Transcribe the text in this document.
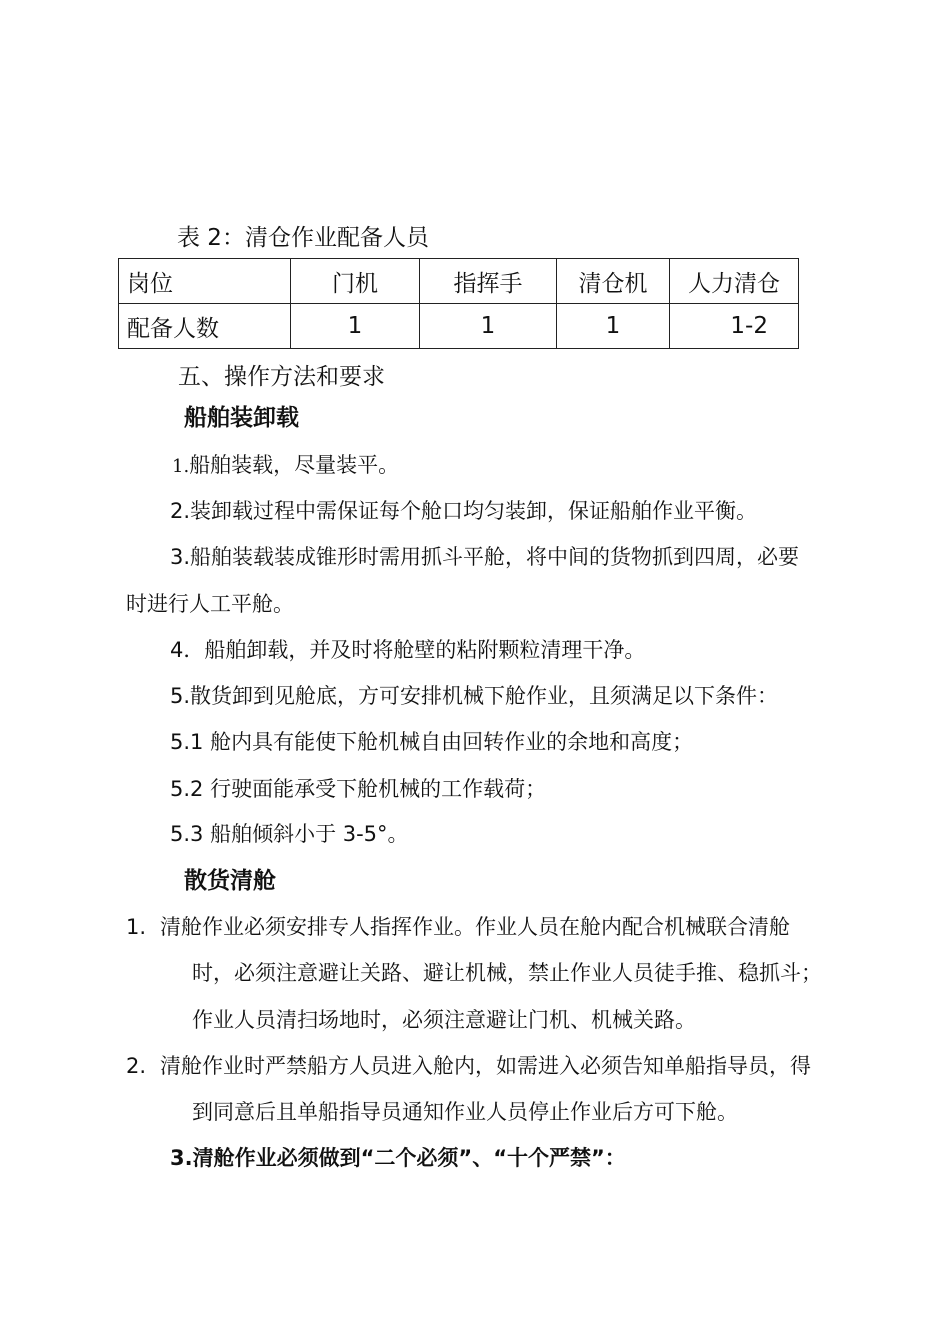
表 2：清仓作业配备人员
岗位	门机	指挥手	清仓机	人力清仓
配备人数	1	1	1	1-2
五、操作方法和要求
船舶装卸载
1.船舶装载，尽量装平。
2.装卸载过程中需保证每个舱口均匀装卸，保证船舶作业平衡。
3.船舶装载装成锥形时需用抓斗平舱，将中间的货物抓到四周，必要
时进行人工平舱。
4．船舶卸载，并及时将舱壁的粘附颗粒清理干净。
5.散货卸到见舱底，方可安排机械下舱作业，且须满足以下条件：
5.1 舱内具有能使下舱机械自由回转作业的余地和高度；
5.2 行驶面能承受下舱机械的工作载荷；
5.3 船舶倾斜小于 3-5°。
散货清舱
1. 清舱作业必须安排专人指挥作业。作业人员在舱内配合机械联合清舱
时，必须注意避让关路、避让机械，禁止作业人员徒手推、稳抓斗；
作业人员清扫场地时，必须注意避让门机、机械关路。
2. 清舱作业时严禁船方人员进入舱内，如需进入必须告知单船指导员，得
到同意后且单船指导员通知作业人员停止作业后方可下舱。
3.清舱作业必须做到“二个必须”、“十个严禁”：
